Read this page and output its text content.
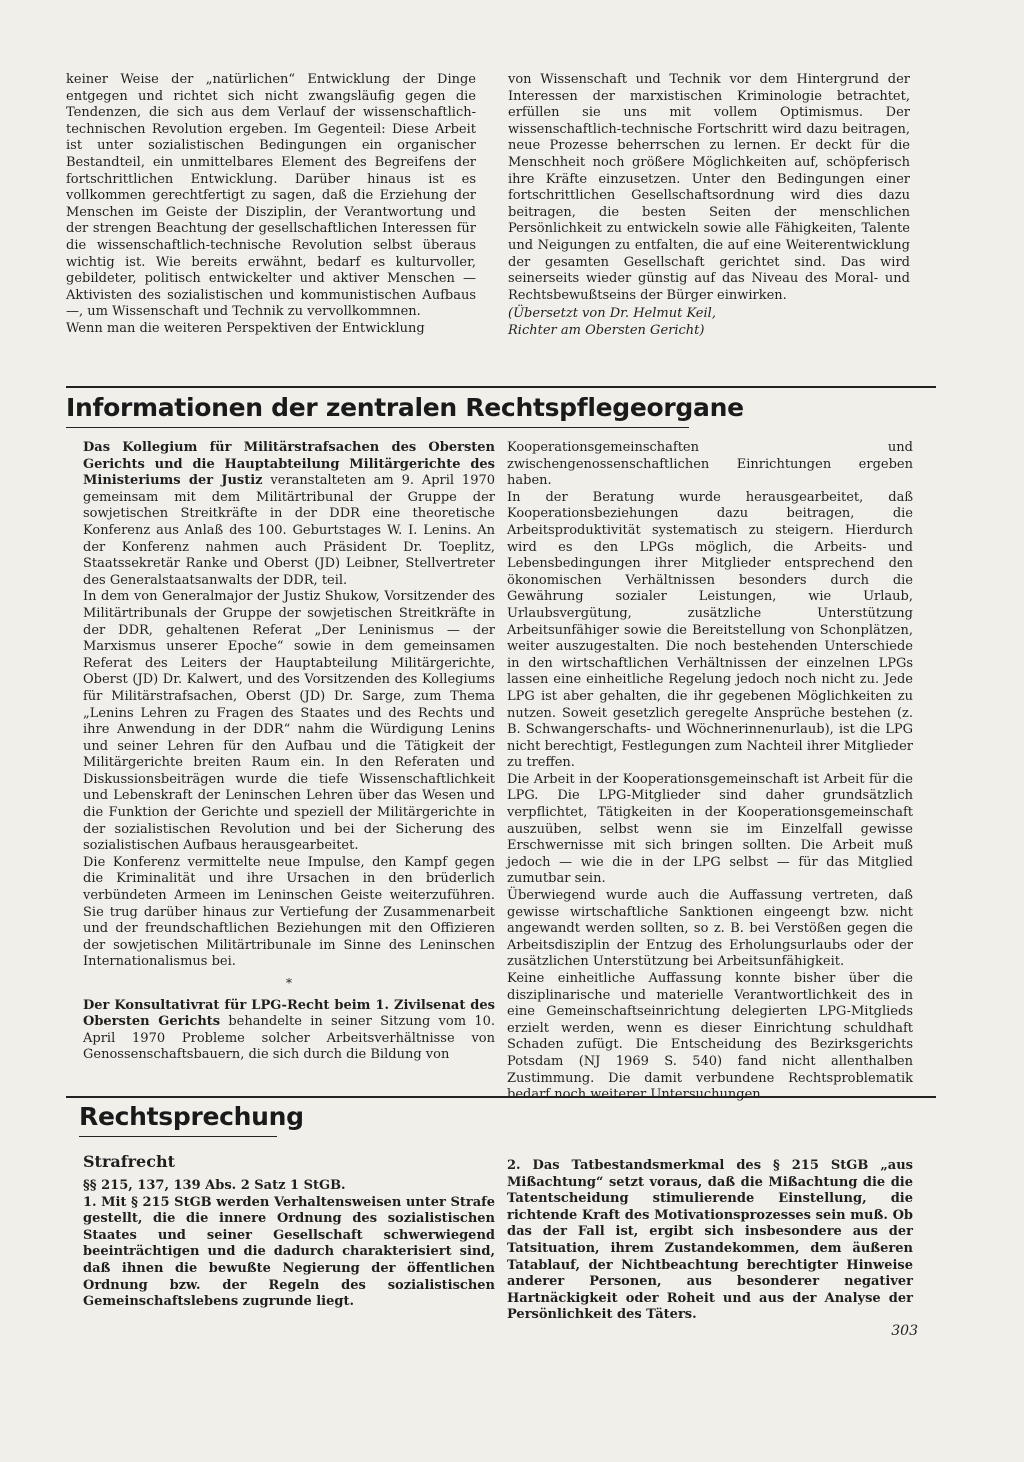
keiner Weise der „natürlichen“ Entwicklung der Dinge entgegen und richtet sich nicht zwangsläufig gegen die Tendenzen, die sich aus dem Verlauf der wissenschaftlich-technischen Revolution ergeben. Im Gegenteil: Diese Arbeit ist unter sozialistischen Bedingungen ein organischer Bestandteil, ein unmittelbares Element des Begreifens der fortschrittlichen Entwicklung. Darüber hinaus ist es vollkommen gerechtfertigt zu sagen, daß die Erziehung der Menschen im Geiste der Disziplin, der Verantwortung und der strengen Beachtung der gesellschaftlichen Interessen für die wissenschaftlich-technische Revolution selbst überaus wichtig ist. Wie bereits erwähnt, bedarf es kulturvoller, gebildeter, politisch entwickelter und aktiver Menschen — Aktivisten des sozialistischen und kommunistischen Aufbaus —, um Wissenschaft und Technik zu vervollkommnen.

Wenn man die weiteren Perspektiven der Entwicklung

von Wissenschaft und Technik vor dem Hintergrund der Interessen der marxistischen Kriminologie betrachtet, erfüllen sie uns mit vollem Optimismus. Der wissenschaftlich-technische Fortschritt wird dazu beitragen, neue Prozesse beherrschen zu lernen. Er deckt für die Menschheit noch größere Möglichkeiten auf, schöpferisch ihre Kräfte einzusetzen. Unter den Bedingungen einer fortschrittlichen Gesellschaftsordnung wird dies dazu beitragen, die besten Seiten der menschlichen Persönlichkeit zu entwickeln sowie alle Fähigkeiten, Talente und Neigungen zu entfalten, die auf eine Weiterentwicklung der gesamten Gesellschaft gerichtet sind. Das wird seinerseits wieder günstig auf das Niveau des Moral- und Rechtsbewußtseins der Bürger einwirken.

(Übersetzt von Dr. Helmut Keil,

Richter am Obersten Gericht)

Informationen der zentralen Rechtspflegeorgane

Das Kollegium für Militärstrafsachen des Obersten Gerichts und die Hauptabteilung Militärgerichte des Ministeriums der Justiz veranstalteten am 9. April 1970 gemeinsam mit dem Militärtribunal der Gruppe der sowjetischen Streitkräfte in der DDR eine theoretische Konferenz aus Anlaß des 100. Geburtstages W. I. Lenins. An der Konferenz nahmen auch Präsident Dr. Toeplitz, Staatssekretär Ranke und Oberst (JD) Leibner, Stellvertreter des Generalstaatsanwalts der DDR, teil.

In dem von Generalmajor der Justiz Shukow, Vorsitzender des Militärtribunals der Gruppe der sowjetischen Streitkräfte in der DDR, gehaltenen Referat „Der Leninismus — der Marxismus unserer Epoche“ sowie in dem gemeinsamen Referat des Leiters der Hauptabteilung Militärgerichte, Oberst (JD) Dr. Kalwert, und des Vorsitzenden des Kollegiums für Militärstrafsachen, Oberst (JD) Dr. Sarge, zum Thema „Lenins Lehren zu Fragen des Staates und des Rechts und ihre Anwendung in der DDR“ nahm die Würdigung Lenins und seiner Lehren für den Aufbau und die Tätigkeit der Militärgerichte breiten Raum ein. In den Referaten und Diskussionsbeiträgen wurde die tiefe Wissenschaftlichkeit und Lebenskraft der Leninschen Lehren über das Wesen und die Funktion der Gerichte und speziell der Militärgerichte in der sozialistischen Revolution und bei der Sicherung des sozialistischen Aufbaus herausgearbeitet.

Die Konferenz vermittelte neue Impulse, den Kampf gegen die Kriminalität und ihre Ursachen in den brüderlich verbündeten Armeen im Leninschen Geiste weiterzuführen. Sie trug darüber hinaus zur Vertiefung der Zusammenarbeit und der freundschaftlichen Beziehungen mit den Offizieren der sowjetischen Militärtribunale im Sinne des Leninschen Internationalismus bei.

*

Der Konsultativrat für LPG-Recht beim 1. Zivilsenat des Obersten Gerichts behandelte in seiner Sitzung vom 10. April 1970 Probleme solcher Arbeitsverhältnisse von Genossenschaftsbauern, die sich durch die Bildung von

Kooperationsgemeinschaften und zwischengenossenschaftlichen Einrichtungen ergeben haben.

In der Beratung wurde herausgearbeitet, daß Kooperationsbeziehungen dazu beitragen, die Arbeitsproduktivität systematisch zu steigern. Hierdurch wird es den LPGs möglich, die Arbeits- und Lebensbedingungen ihrer Mitglieder entsprechend den ökonomischen Verhältnissen besonders durch die Gewährung sozialer Leistungen, wie Urlaub, Urlaubsvergütung, zusätzliche Unterstützung Arbeitsunfähiger sowie die Bereitstellung von Schonplätzen, weiter auszugestalten. Die noch bestehenden Unterschiede in den wirtschaftlichen Verhältnissen der einzelnen LPGs lassen eine einheitliche Regelung jedoch noch nicht zu. Jede LPG ist aber gehalten, die ihr gegebenen Möglichkeiten zu nutzen. Soweit gesetzlich geregelte Ansprüche bestehen (z. B. Schwangerschafts- und Wöchnerinnenurlaub), ist die LPG nicht berechtigt, Festlegungen zum Nachteil ihrer Mitglieder zu treffen.

Die Arbeit in der Kooperationsgemeinschaft ist Arbeit für die LPG. Die LPG-Mitglieder sind daher grundsätzlich verpflichtet, Tätigkeiten in der Kooperationsgemeinschaft auszuüben, selbst wenn sie im Einzelfall gewisse Erschwernisse mit sich bringen sollten. Die Arbeit muß jedoch — wie die in der LPG selbst — für das Mitglied zumutbar sein.

Überwiegend wurde auch die Auffassung vertreten, daß gewisse wirtschaftliche Sanktionen eingeengt bzw. nicht angewandt werden sollten, so z. B. bei Verstößen gegen die Arbeitsdisziplin der Entzug des Erholungsurlaubs oder der zusätzlichen Unterstützung bei Arbeitsunfähigkeit.

Keine einheitliche Auffassung konnte bisher über die disziplinarische und materielle Verantwortlichkeit des in eine Gemeinschaftseinrichtung delegierten LPG-Mitglieds erzielt werden, wenn es dieser Einrichtung schuldhaft Schaden zufügt. Die Entscheidung des Bezirksgerichts Potsdam (NJ 1969 S. 540) fand nicht allenthalben Zustimmung. Die damit verbundene Rechtsproblematik bedarf noch weiterer Untersuchungen.

Rechtsprechung
Strafrecht

§§ 215, 137, 139 Abs. 2 Satz 1 StGB.

1. Mit § 215 StGB werden Verhaltensweisen unter Strafe gestellt, die die innere Ordnung des sozialistischen Staates und seiner Gesellschaft schwerwiegend beeinträchtigen und die dadurch charakterisiert sind, daß ihnen die bewußte Negierung der öffentlichen Ordnung bzw. der Regeln des sozialistischen Gemeinschaftslebens zugrunde liegt.

2. Das Tatbestandsmerkmal des § 215 StGB „aus Mißachtung“ setzt voraus, daß die Mißachtung die die Tatentscheidung stimulierende Einstellung, die richtende Kraft des Motivationsprozesses sein muß. Ob das der Fall ist, ergibt sich insbesondere aus der Tatsituation, ihrem Zustandekommen, dem äußeren Tatablauf, der Nichtbeachtung berechtigter Hinweise anderer Personen, aus besonderer negativer Hartnäckigkeit oder Roheit und aus der Analyse der Persönlichkeit des Täters.

303
